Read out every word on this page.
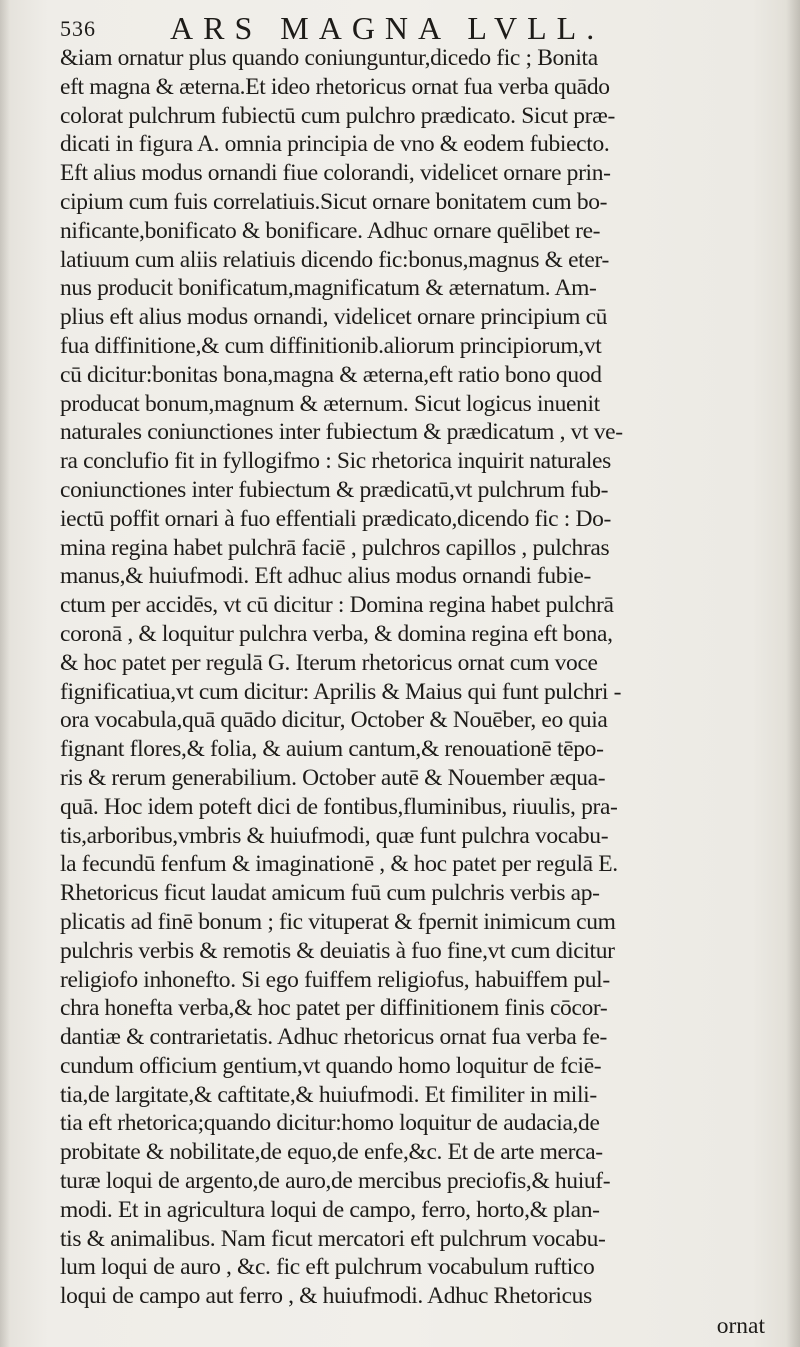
536 ARS MAGNA LVLL.
&iam ornatur plus quando coniunguntur,dicedo fic ; Bonita
eft magna & æterna.Et ideo rhetoricus ornat fua verba quādo
colorat pulchrum fubiectū cum pulchro prædicato. Sicut præ-
dicati in figura A. omnia principia de vno & eodem fubiecto.
Eft alius modus ornandi fiue colorandi, videlicet ornare prin-
cipium cum fuis correlatiuis.Sicut ornare bonitatem cum bo-
nificante,bonificato & bonificare. Adhuc ornare quēlibet re-
latiuum cum aliis relatiuis dicendo fic:bonus,magnus & eter-
nus producit bonificatum,magnificatum & æternatum. Am-
plius eft alius modus ornandi, videlicet ornare principium cū
fua diffinitione,& cum diffinitionib.aliorum principiorum,vt
cū dicitur:bonitas bona,magna & æterna,eft ratio bono quod
producat bonum,magnum & æternum. Sicut logicus inuenit
naturales coniunctiones inter fubiectum & prædicatum , vt ve-
ra conclufio fit in fyllogifmo : Sic rhetorica inquirit naturales
coniunctiones inter fubiectum & prædicatū,vt pulchrum fub-
iectū poffit ornari à fuo effentiali prædicato,dicendo fic : Do-
mina regina habet pulchrā faciē , pulchros capillos , pulchras
manus,& huiufmodi. Eft adhuc alius modus ornandi fubie-
ctum per accidēs, vt cū dicitur : Domina regina habet pulchrā
coronā , & loquitur pulchra verba, & domina regina eft bona,
& hoc patet per regulā G. Iterum rhetoricus ornat cum voce
fignificatiua,vt cum dicitur: Aprilis & Maius qui funt pulchri -
ora vocabula,quā quādo dicitur, October & Nouēber, eo quia
fignant flores,& folia, & auium cantum,& renouationē tēpo-
ris & rerum generabilium. October autē & Nouember æqua-
quā. Hoc idem poteft dici de fontibus,fluminibus, riuulis, pra-
tis,arboribus,vmbris & huiufmodi, quæ funt pulchra vocabu-
la fecundū fenfum & imaginationē , & hoc patet per regulā E.
Rhetoricus ficut laudat amicum fuū cum pulchris verbis ap-
plicatis ad finē bonum ; fic vituperat & fpernit inimicum cum
pulchris verbis & remotis & deuiatis à fuo fine,vt cum dicitur
religiofo inhonefto. Si ego fuiffem religiofus, habuiffem pul-
chra honefta verba,& hoc patet per diffinitionem finis cōcor-
dantiæ & contrarietatis. Adhuc rhetoricus ornat fua verba fe-
cundum officium gentium,vt quando homo loquitur de fciē-
tia,de largitate,& caftitate,& huiufmodi. Et fimiliter in mili-
tia eft rhetorica;quando dicitur:homo loquitur de audacia,de
probitate & nobilitate,de equo,de enfe,&c. Et de arte merca-
turæ loqui de argento,de auro,de mercibus preciofis,& huiuf-
modi. Et in agricultura loqui de campo, ferro, horto,& plan-
tis & animalibus. Nam ficut mercatori eft pulchrum vocabu-
lum loqui de auro , &c. fic eft pulchrum vocabulum ruftico
loqui de campo aut ferro , & huiufmodi. Adhuc Rhetoricus
ornat
